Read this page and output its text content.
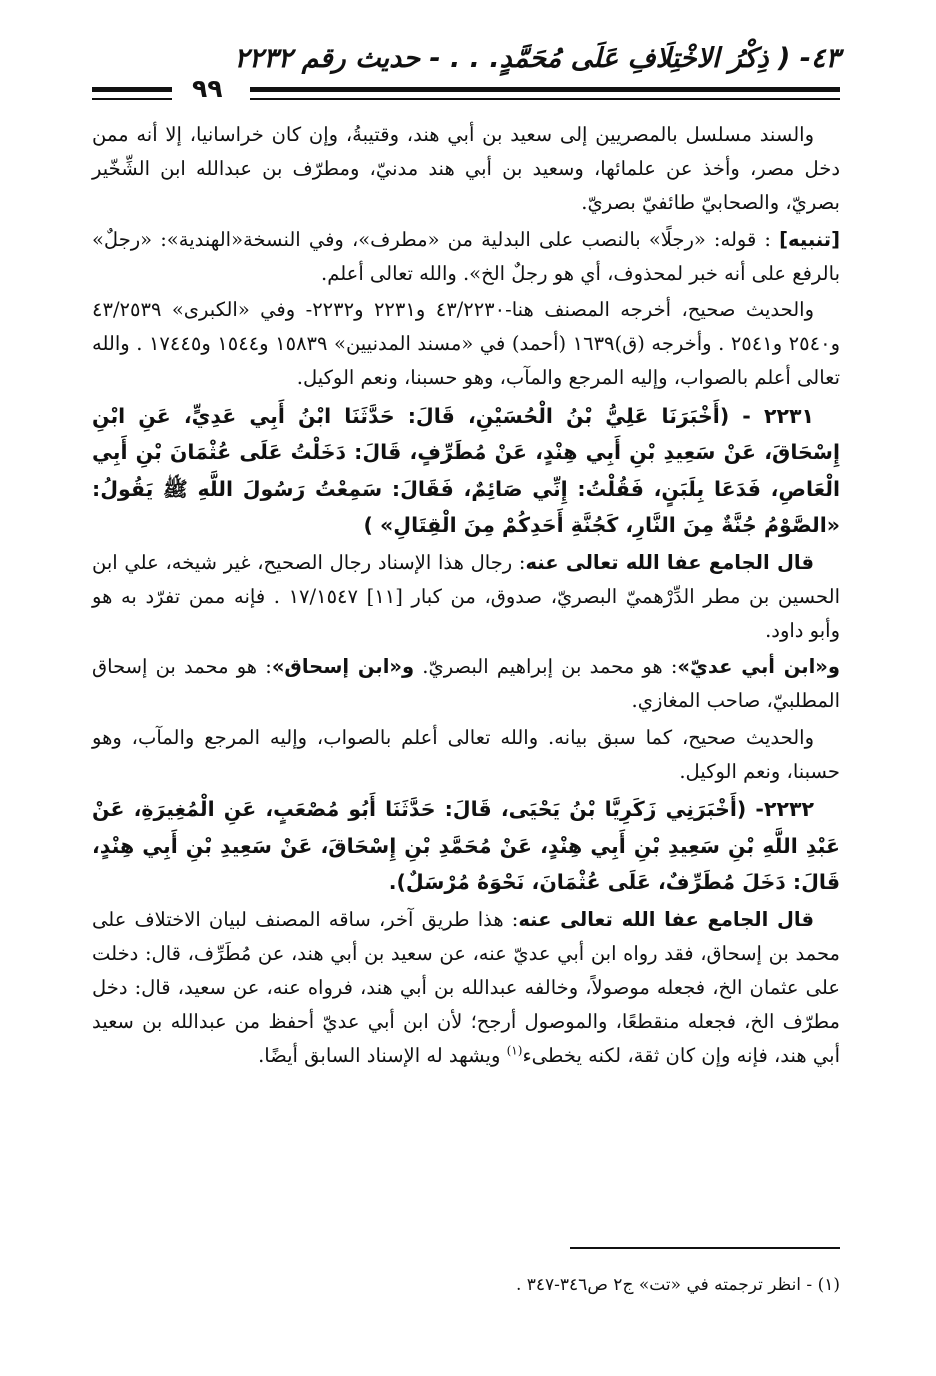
٤٣- ( ذِكْرُ الاخْتِلَافِ عَلَى مُحَمَّدٍ. . . - حديث رقم ٢٢٣٢
٩٩

والسند مسلسل بالمصريين إلى سعيد بن أبي هند، وقتيبةُ، وإن كان خراسانيا، إلا أنه ممن دخل مصر، وأخذ عن علمائها، وسعيد بن أبي هند مدنيّ، ومطرّف بن عبدالله ابن الشِّخّير بصريّ، والصحابيّ طائفيّ بصريّ.

[تنبيه] : قوله: «رجلًا» بالنصب على البدلية من «مطرف»، وفي النسخة«الهندية»: «رجلٌ» بالرفع على أنه خبر لمحذوف، أي هو رجلٌ الخ». والله تعالى أعلم.

والحديث صحيح، أخرجه المصنف هنا-٤٣/٢٢٣٠ و٢٢٣١ و٢٢٣٢- وفي «الكبرى» ٤٣/٢٥٣٩ و٢٥٤٠ و٢٥٤١ . وأخرجه (ق)١٦٣٩ (أحمد) في «مسند المدنيين» ١٥٨٣٩ و١٥٤٤ و١٧٤٤٥ . والله تعالى أعلم بالصواب، وإليه المرجع والمآب، وهو حسبنا، ونعم الوكيل.

٢٢٣١ - (أَخْبَرَنَا عَلِيُّ بْنُ الْحُسَيْنِ، قَالَ: حَدَّثَنَا ابْنُ أَبِي عَدِيٍّ، عَنِ ابْنِ إِسْحَاقَ، عَنْ سَعِيدِ بْنِ أَبِي هِنْدٍ، عَنْ مُطَرِّفٍ، قَالَ: دَخَلْتُ عَلَى عُثْمَانَ بْنِ أَبِي الْعَاصِ، فَدَعَا بِلَبَنٍ، فَقُلْتُ: إِنِّي صَائِمٌ، فَقَالَ: سَمِعْتُ رَسُولَ اللَّهِ ﷺ يَقُولُ: «الصَّوْمُ جُنَّةٌ مِنَ النَّارِ، كَجُنَّةِ أَحَدِكُمْ مِنَ الْقِتَالِ» )

قال الجامع عفا الله تعالى عنه: رجال هذا الإسناد رجال الصحيح، غير شيخه، علي ابن الحسين بن مطر الدِّرْهميّ البصريّ، صدوق، من كبار [١١] ١٧/١٥٤٧ . فإنه ممن تفرّد به هو وأبو داود.

و«ابن أبي عديّ»: هو محمد بن إبراهيم البصريّ. و«ابن إسحاق»: هو محمد بن إسحاق المطلبيّ، صاحب المغازي.

والحديث صحيح، كما سبق بيانه. والله تعالى أعلم بالصواب، وإليه المرجع والمآب، وهو حسبنا، ونعم الوكيل.

٢٢٣٢- (أَخْبَرَنِي زَكَرِيَّا بْنُ يَحْيَى، قَالَ: حَدَّثَنَا أَبُو مُصْعَبٍ، عَنِ الْمُغِيرَةِ، عَنْ عَبْدِ اللَّهِ بْنِ سَعِيدِ بْنِ أَبِي هِنْدٍ، عَنْ مُحَمَّدِ بْنِ إِسْحَاقَ، عَنْ سَعِيدِ بْنِ أَبِي هِنْدٍ، قَالَ: دَخَلَ مُطَرِّفٌ، عَلَى عُثْمَانَ، نَحْوَهُ مُرْسَلٌ).

قال الجامع عفا الله تعالى عنه: هذا طريق آخر، ساقه المصنف لبيان الاختلاف على محمد بن إسحاق، فقد رواه ابن أبي عديّ عنه، عن سعيد بن أبي هند، عن مُطَرِّف، قال: دخلت على عثمان الخ، فجعله موصولاً، وخالفه عبدالله بن أبي هند، فرواه عنه، عن سعيد، قال: دخل مطرّف الخ، فجعله منقطعًا، والموصول أرجح؛ لأن ابن أبي عديّ أحفظ من عبدالله بن سعيد أبي هند، فإنه وإن كان ثقة، لكنه يخطىء$^{(١)}$ ويشهد له الإسناد السابق أيضًا.

(١) - انظر ترجمته في «تت» ج٢ ص٣٤٦-٣٤٧ .
